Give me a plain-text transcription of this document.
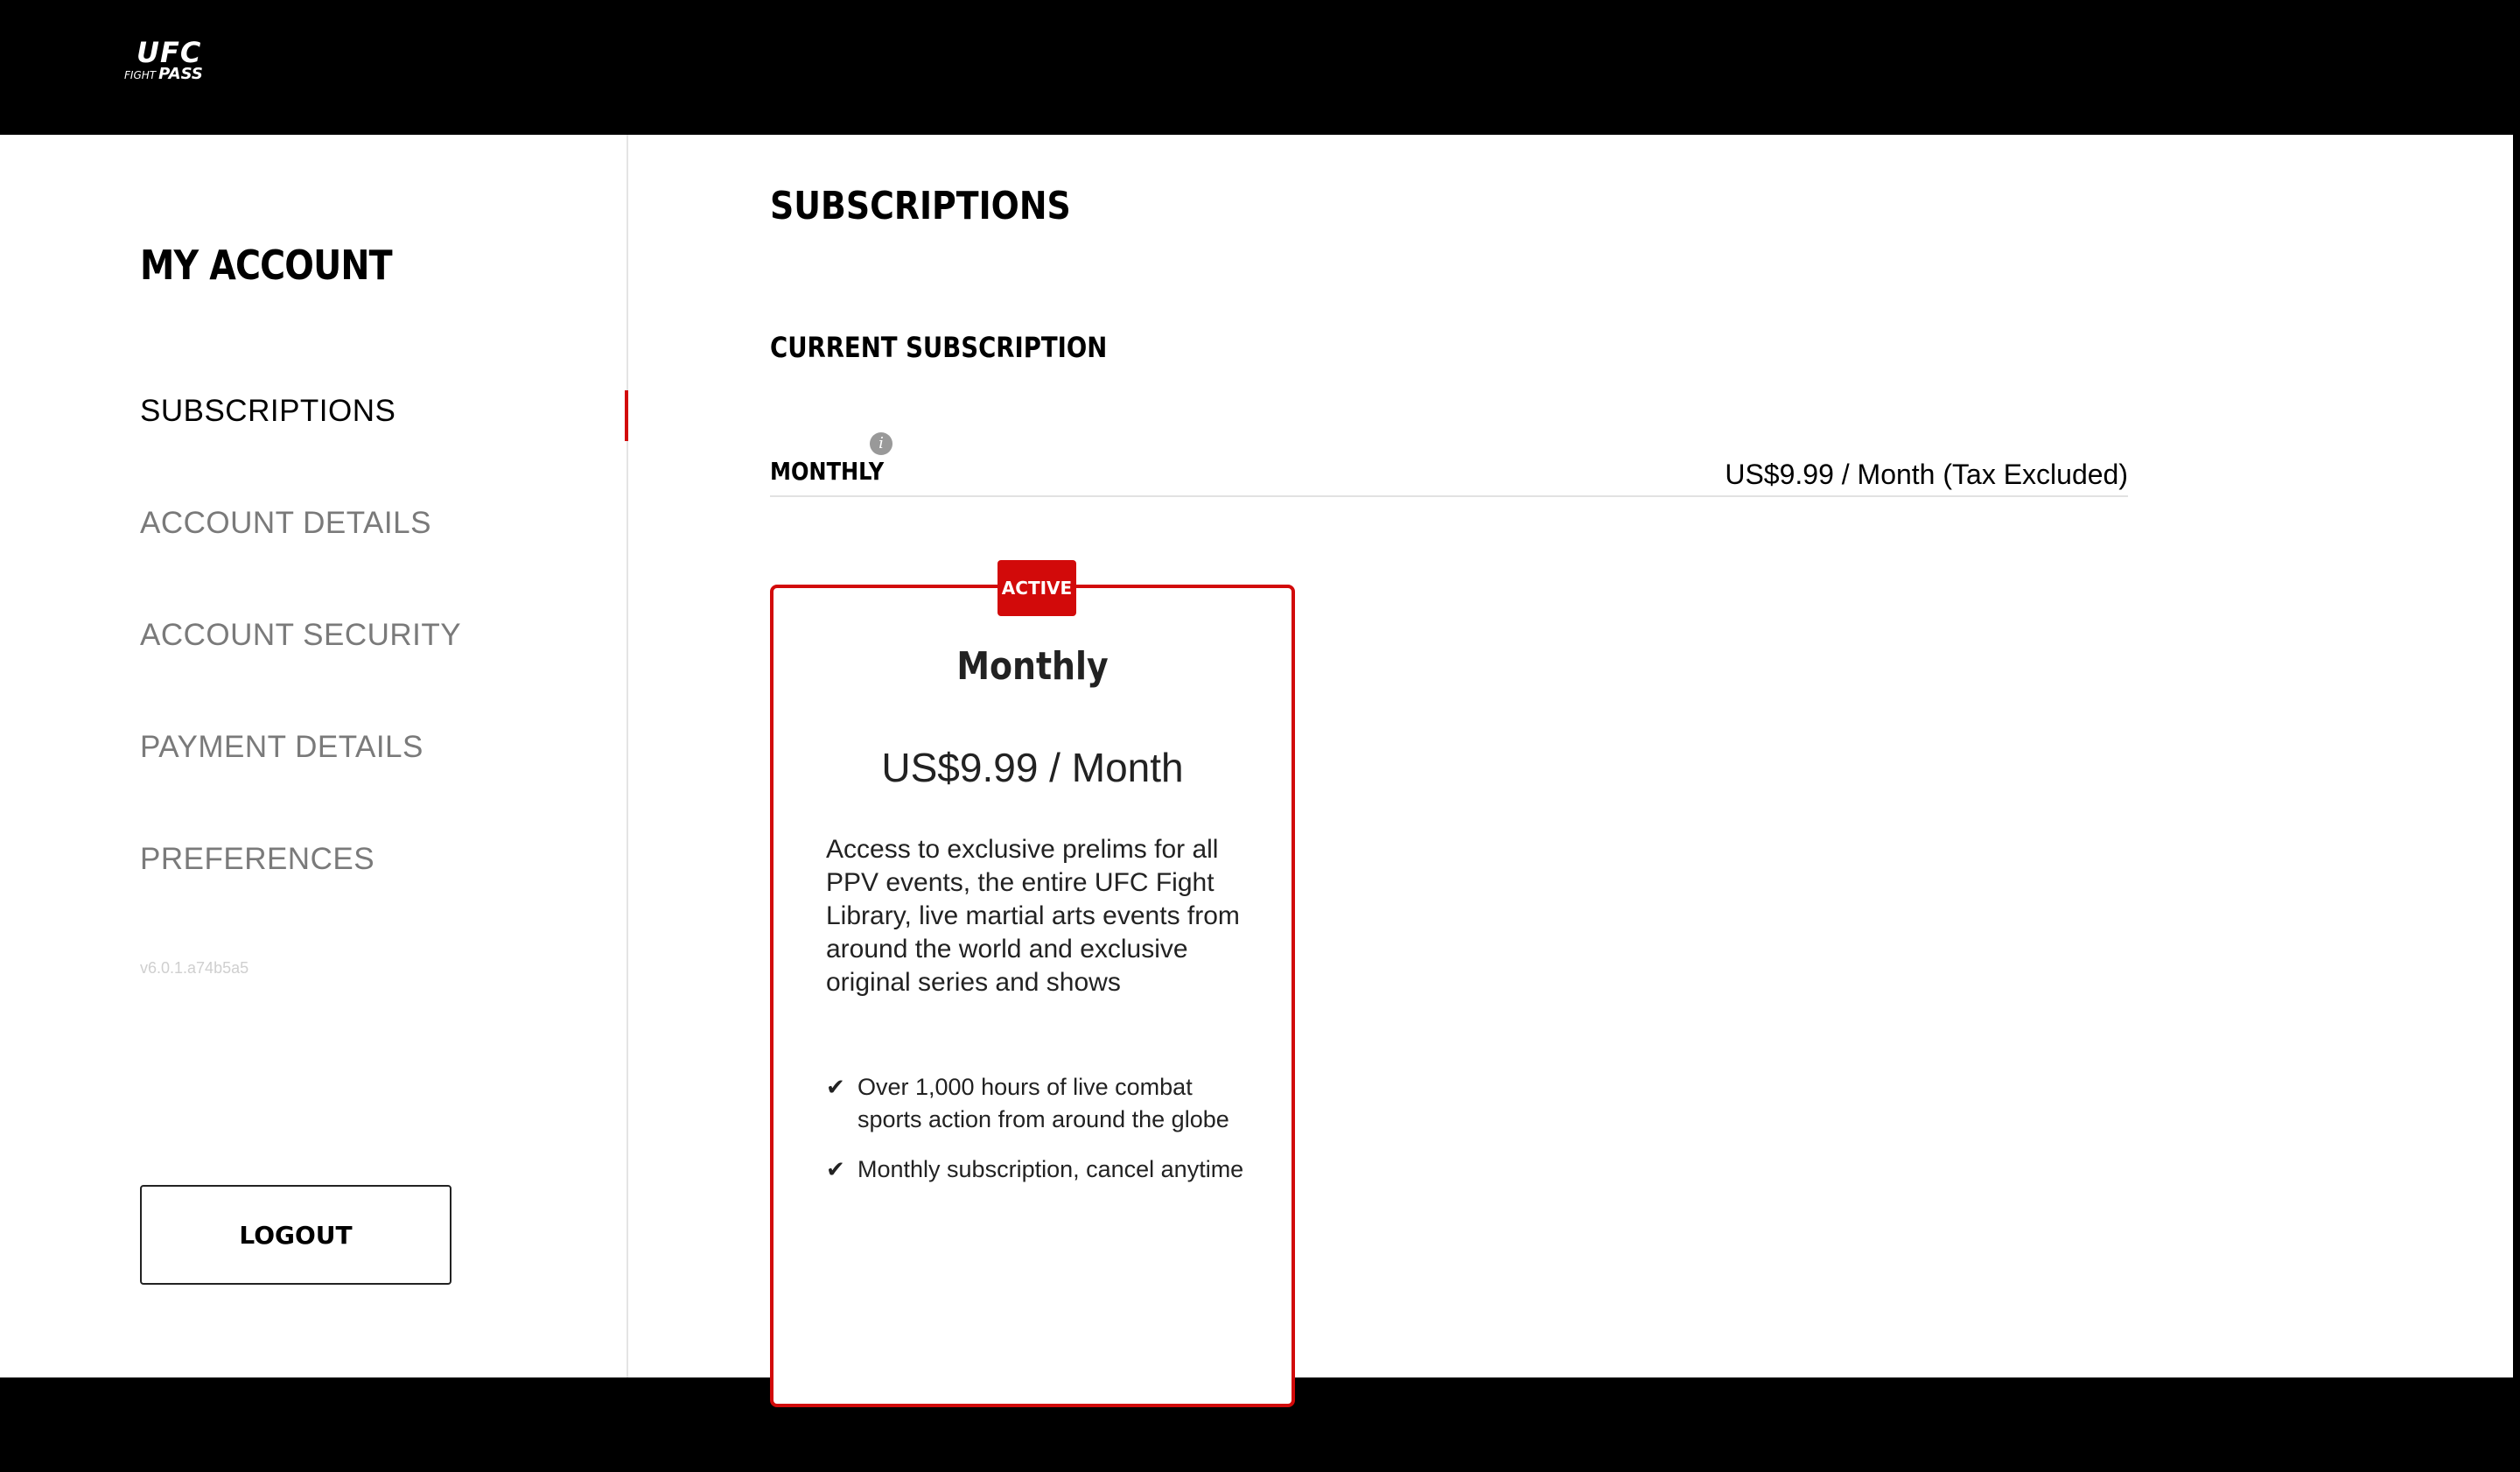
UFC
FIGHT PASS
MY ACCOUNT
SUBSCRIPTIONS
ACCOUNT DETAILS
ACCOUNT SECURITY
PAYMENT DETAILS
PREFERENCES
v6.0.1.a74b5a5
LOGOUT
SUBSCRIPTIONS
CURRENT SUBSCRIPTION
MONTHLY
i
US$9.99 / Month (Tax Excluded)
ACTIVE
Monthly
US$9.99 / Month

Access to exclusive prelims for all PPV events, the entire UFC Fight Library, live martial arts events from around the world and exclusive original series and shows

✔ Over 1,000 hours of live combat sports action from around the globe
✔ Monthly subscription, cancel anytime
This license can be managed on the app
